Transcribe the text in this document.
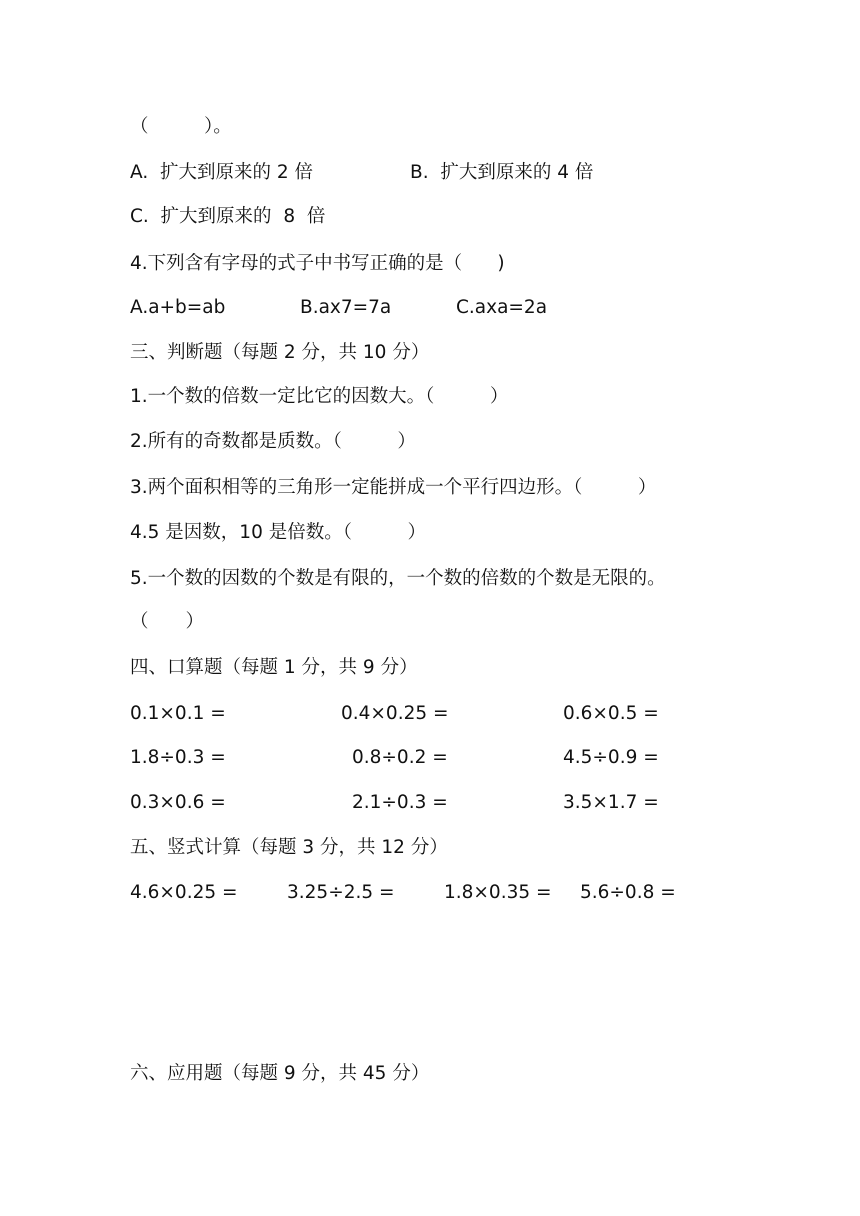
（　　　）。
A.  扩大到原来的 2 倍	B.  扩大到原来的 4 倍
C.  扩大到原来的  8  倍
4.下列含有字母的式子中书写正确的是（      )
A.a+b=ab	B.ax7=7a	C.axa=2a
三、判断题（每题 2 分，共 10 分）
1.一个数的倍数一定比它的因数大。（　　　）
2.所有的奇数都是质数。（　　　）
3.两个面积相等的三角形一定能拼成一个平行四边形。（　　　）
4.5 是因数，10 是倍数。（　　　）
5.一个数的因数的个数是有限的，一个数的倍数的个数是无限的。
（　　）
四、口算题（每题 1 分，共 9 分）
0.1×0.1 =	0.4×0.25 =	0.6×0.5 =
1.8÷0.3 =	0.8÷0.2 =	4.5÷0.9 =
0.3×0.6 =	2.1÷0.3 =	3.5×1.7 =
五、竖式计算（每题 3 分，共 12 分）
4.6×0.25 =	3.25÷2.5 =	1.8×0.35 = 5.6÷0.8 =
六、应用题（每题 9 分，共 45 分）
